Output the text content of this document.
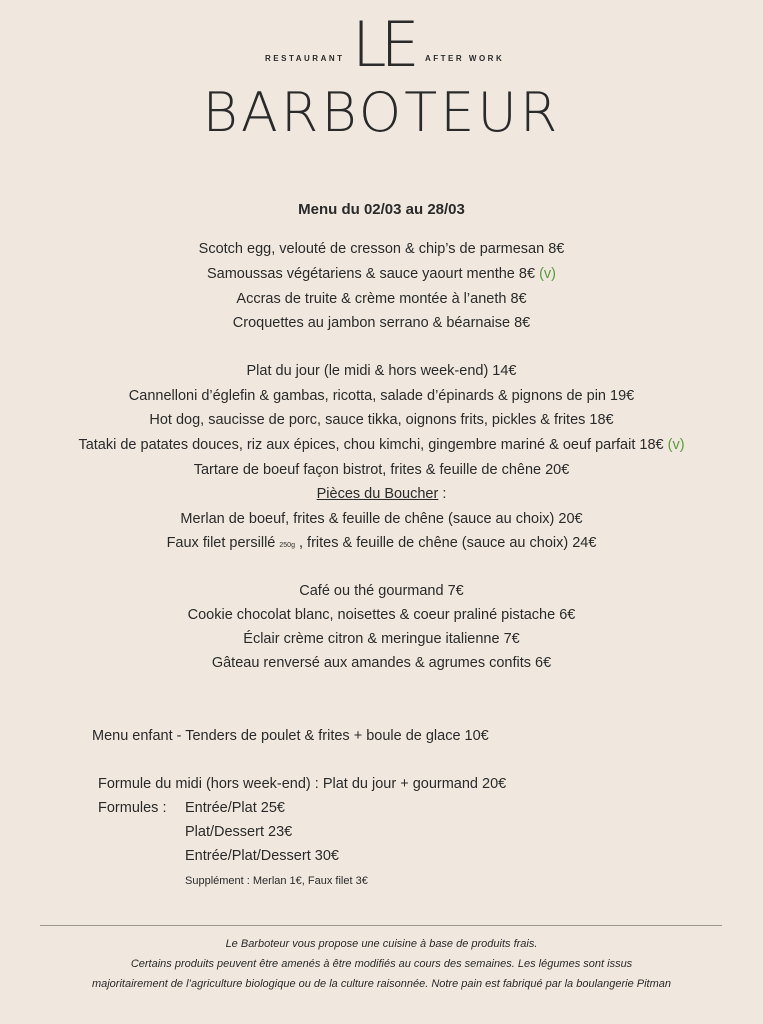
RESTAURANT LE AFTER WORK
BARBOTEUR
Menu du 02/03 au 28/03
Scotch egg, velouté de cresson & chip’s de parmesan 8€
Samoussas végétariens & sauce yaourt menthe 8€ (v)
Accras de truite & crème montée à l’aneth 8€
Croquettes au jambon serrano & béarnaise 8€
Plat du jour (le midi & hors week-end) 14€
Cannelloni d’églefin & gambas, ricotta, salade d’épinards & pignons de pin 19€
Hot dog, saucisse de porc, sauce tikka, oignons frits, pickles & frites 18€
Tataki de patates douces, riz aux épices, chou kimchi, gingembre mariné & oeuf parfait 18€ (v)
Tartare de boeuf façon bistrot, frites & feuille de chêne 20€
Pièces du Boucher :
Merlan de boeuf, frites & feuille de chêne (sauce au choix) 20€
Faux filet persillé 250g , frites & feuille de chêne (sauce au choix) 24€
Café ou thé gourmand 7€
Cookie chocolat blanc, noisettes & coeur praliné pistache 6€
Éclair crème citron & meringue italienne 7€
Gâteau renversé aux amandes & agrumes confits 6€
Menu enfant - Tenders de poulet & frites + boule de glace 10€
Formule du midi (hors week-end) : Plat du jour + gourmand 20€
Formules : Entrée/Plat 25€
Plat/Dessert 23€
Entrée/Plat/Dessert 30€
Supplément : Merlan 1€, Faux filet 3€
Le Barboteur vous propose une cuisine à base de produits frais.
Certains produits peuvent être amenés à être modifiés au cours des semaines. Les légumes sont issus
majoritairement de l’agriculture biologique ou de la culture raisonnée. Notre pain est fabriqué par la boulangerie Pitman
